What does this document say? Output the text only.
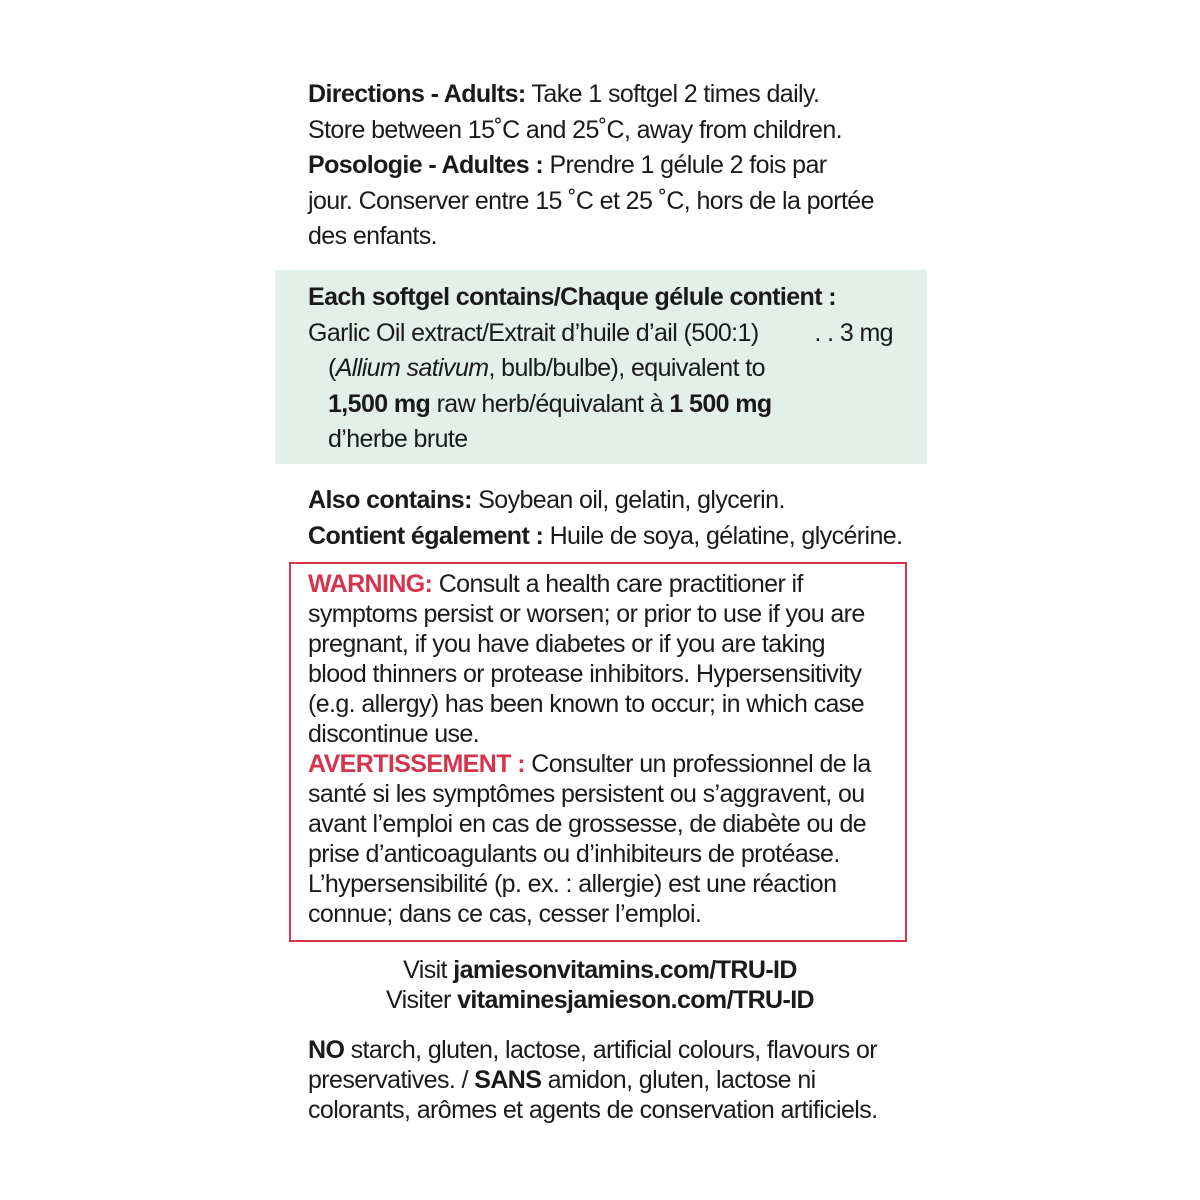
Directions - Adults: Take 1 softgel 2 times daily.
Store between 15˚C and 25˚C, away from children.
Posologie - Adultes : Prendre 1 gélule 2 fois par
jour. Conserver entre 15 ˚C et 25 ˚C, hors de la portée
des enfants.
Each softgel contains/Chaque gélule contient :
Garlic Oil extract/Extrait d’huile d’ail (500:1) . . 3 mg
(Allium sativum, bulb/bulbe), equivalent to
1,500 mg raw herb/équivalant à 1 500 mg
d’herbe brute
Also contains: Soybean oil, gelatin, glycerin.
Contient également : Huile de soya, gélatine, glycérine.
WARNING: Consult a health care practitioner if
symptoms persist or worsen; or prior to use if you are
pregnant, if you have diabetes or if you are taking
blood thinners or protease inhibitors. Hypersensitivity
(e.g. allergy) has been known to occur; in which case
discontinue use.
AVERTISSEMENT : Consulter un professionnel de la
santé si les symptômes persistent ou s’aggravent, ou
avant l’emploi en cas de grossesse, de diabète ou de
prise d’anticoagulants ou d’inhibiteurs de protéase.
L’hypersensibilité (p. ex. : allergie) est une réaction
connue; dans ce cas, cesser l’emploi.
Visit jamiesonvitamins.com/TRU-ID
Visiter vitaminesjamieson.com/TRU-ID
NO starch, gluten, lactose, artificial colours, flavours or
preservatives. / SANS amidon, gluten, lactose ni
colorants, arômes et agents de conservation artificiels.
